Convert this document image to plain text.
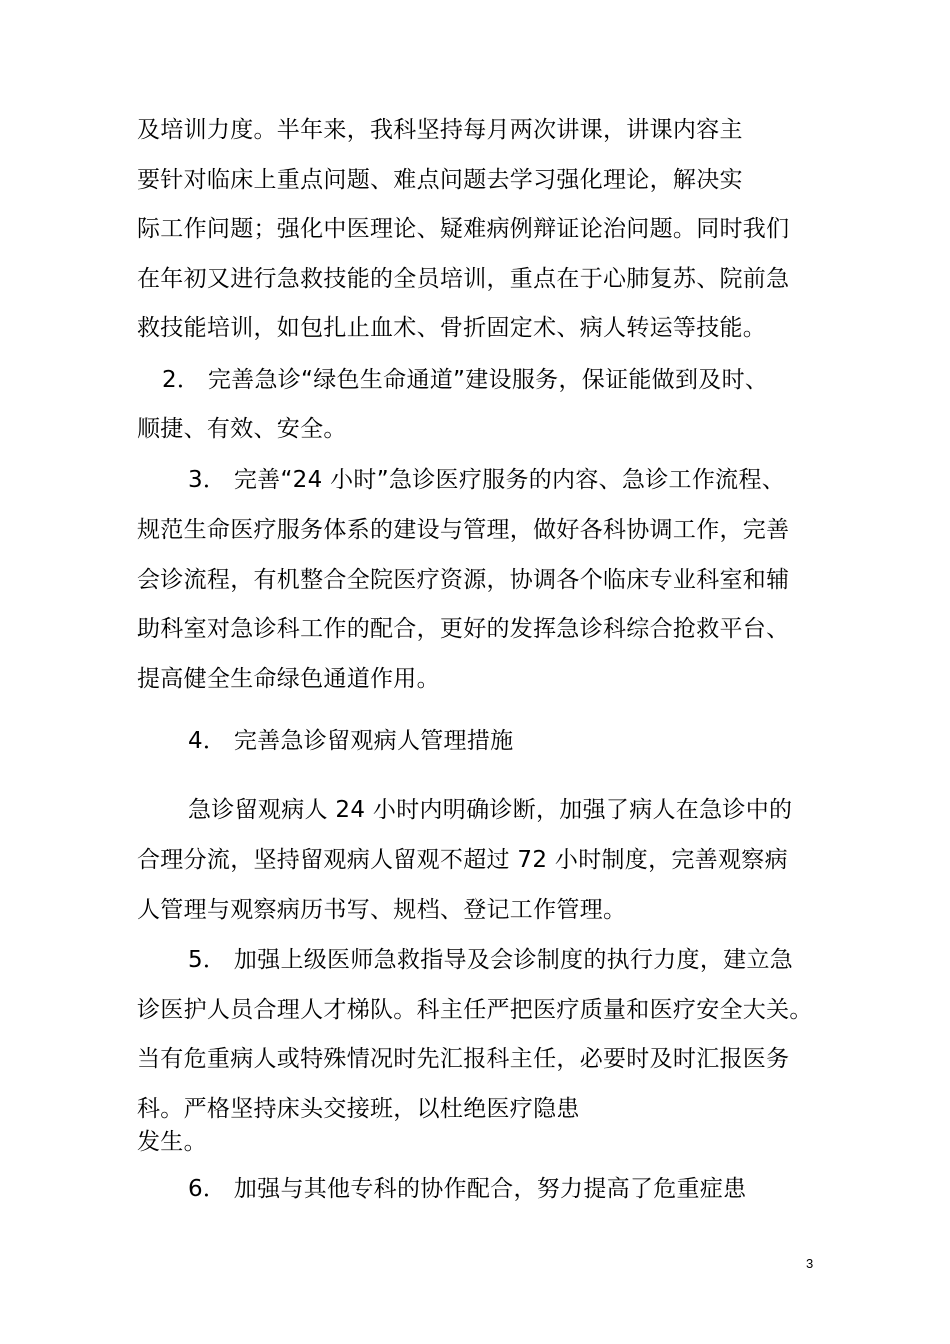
及培训力度。半年来，我科坚持每月两次讲课，讲课内容主
要针对临床上重点问题、难点问题去学习强化理论，解决实
际工作问题；强化中医理论、疑难病例辩证论治问题。同时我们
在年初又进行急救技能的全员培训，重点在于心肺复苏、院前急
救技能培训，如包扎止血术、骨折固定术、病人转运等技能。
2． 完善急诊“绿色生命通道”建设服务，保证能做到及时、
顺捷、有效、安全。
3． 完善“24 小时”急诊医疗服务的内容、急诊工作流程、
规范生命医疗服务体系的建设与管理，做好各科协调工作，完善
会诊流程，有机整合全院医疗资源，协调各个临床专业科室和辅
助科室对急诊科工作的配合，更好的发挥急诊科综合抢救平台、
提高健全生命绿色通道作用。
4． 完善急诊留观病人管理措施
急诊留观病人 24 小时内明确诊断，加强了病人在急诊中的
合理分流，坚持留观病人留观不超过 72 小时制度，完善观察病
人管理与观察病历书写、规档、登记工作管理。
5． 加强上级医师急救指导及会诊制度的执行力度，建立急
诊医护人员合理人才梯队。科主任严把医疗质量和医疗安全大关。
当有危重病人或特殊情况时先汇报科主任，必要时及时汇报医务
科。严格坚持床头交接班，以杜绝医疗隐患
发生。
6． 加强与其他专科的协作配合，努力提高了危重症患
3
